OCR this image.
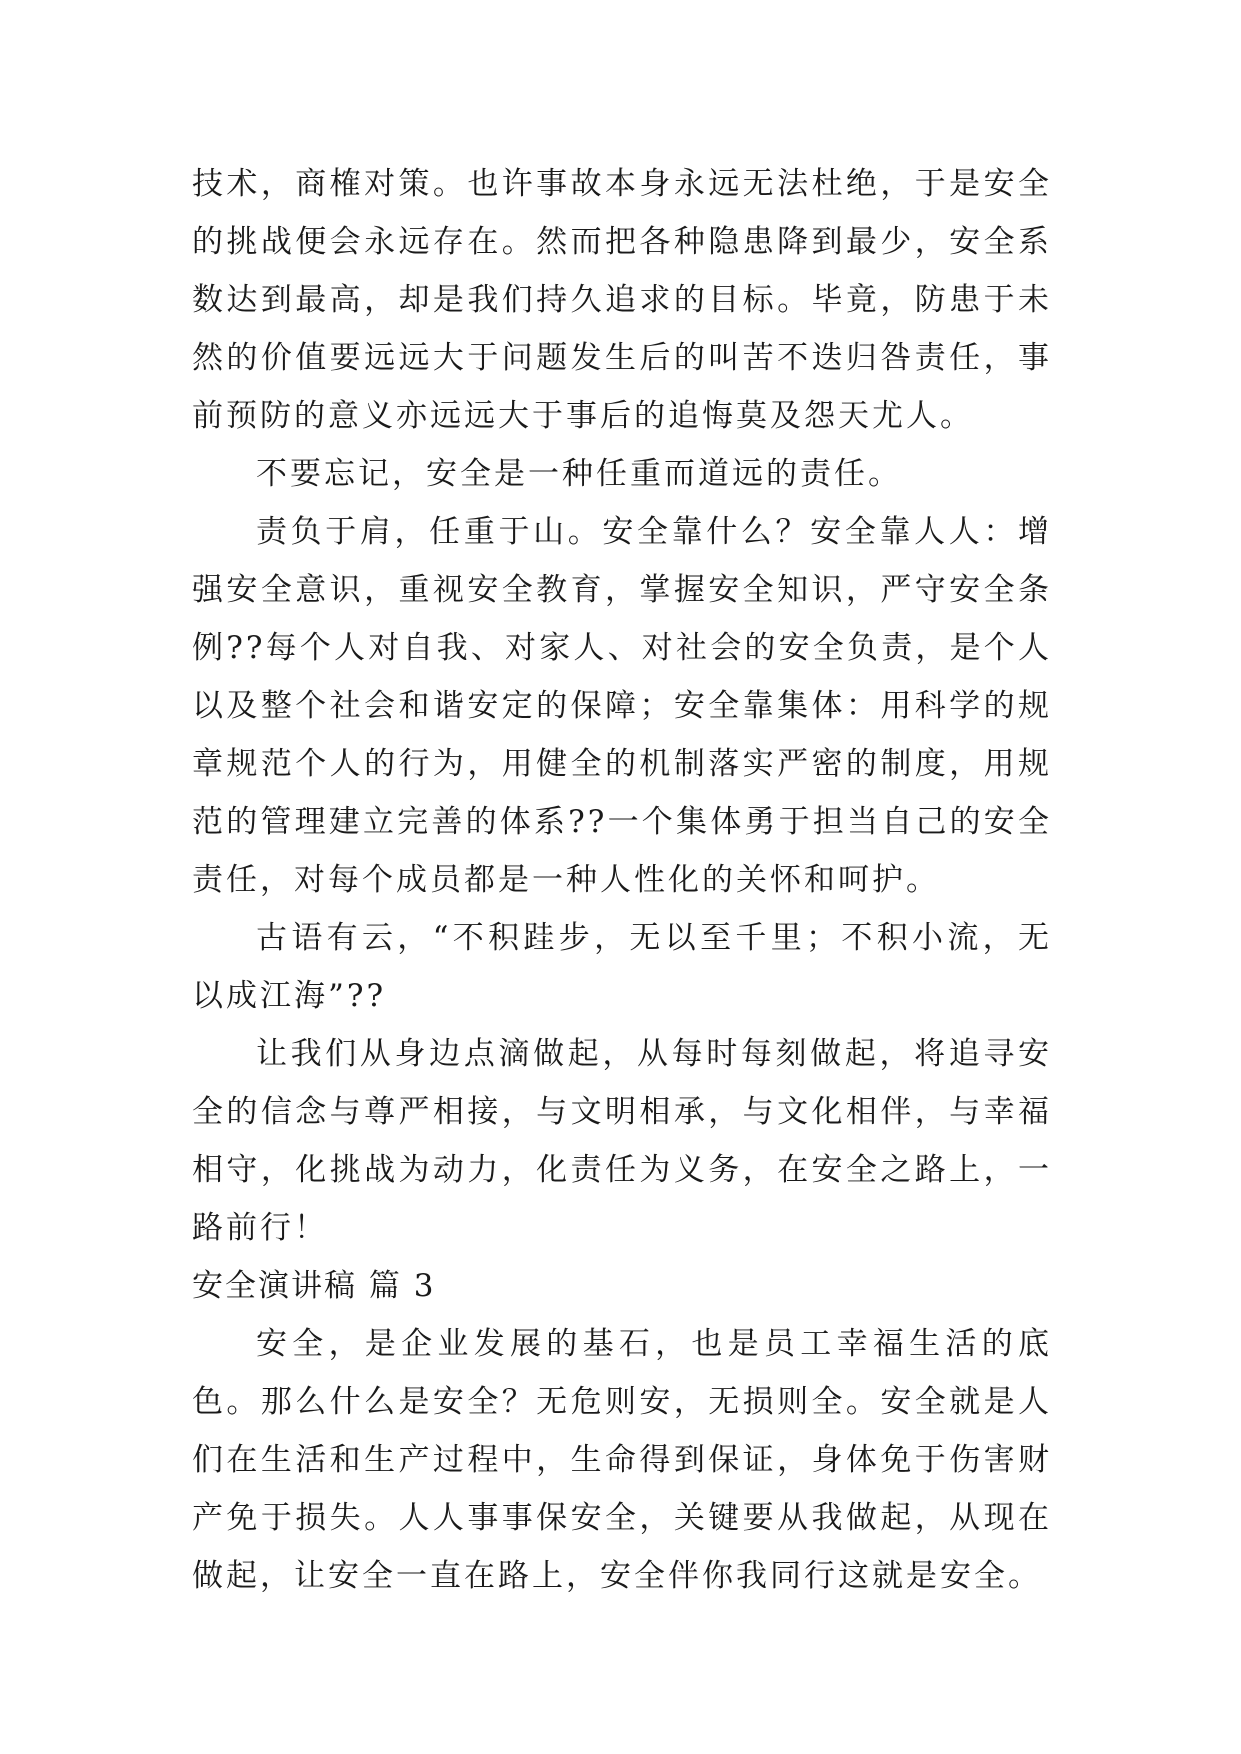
技术，商榷对策。也许事故本身永远无法杜绝，于是安全的挑战便会永远存在。然而把各种隐患降到最少，安全系数达到最高，却是我们持久追求的目标。毕竟，防患于未然的价值要远远大于问题发生后的叫苦不迭归咎责任，事前预防的意义亦远远大于事后的追悔莫及怨天尤人。

不要忘记，安全是一种任重而道远的责任。

责负于肩，任重于山。安全靠什么？安全靠人人：增强安全意识，重视安全教育，掌握安全知识，严守安全条例??每个人对自我、对家人、对社会的安全负责，是个人以及整个社会和谐安定的保障；安全靠集体：用科学的规章规范个人的行为，用健全的机制落实严密的制度，用规范的管理建立完善的体系??一个集体勇于担当自己的安全责任，对每个成员都是一种人性化的关怀和呵护。

古语有云，“不积跬步，无以至千里；不积小流，无以成江海”??

让我们从身边点滴做起，从每时每刻做起，将追寻安全的信念与尊严相接，与文明相承，与文化相伴，与幸福相守，化挑战为动力，化责任为义务，在安全之路上，一路前行！

安全演讲稿 篇 3

安全，是企业发展的基石，也是员工幸福生活的底色。那么什么是安全？无危则安，无损则全。安全就是人们在生活和生产过程中，生命得到保证，身体免于伤害财产免于损失。人人事事保安全，关键要从我做起，从现在做起，让安全一直在路上，安全伴你我同行这就是安全。
